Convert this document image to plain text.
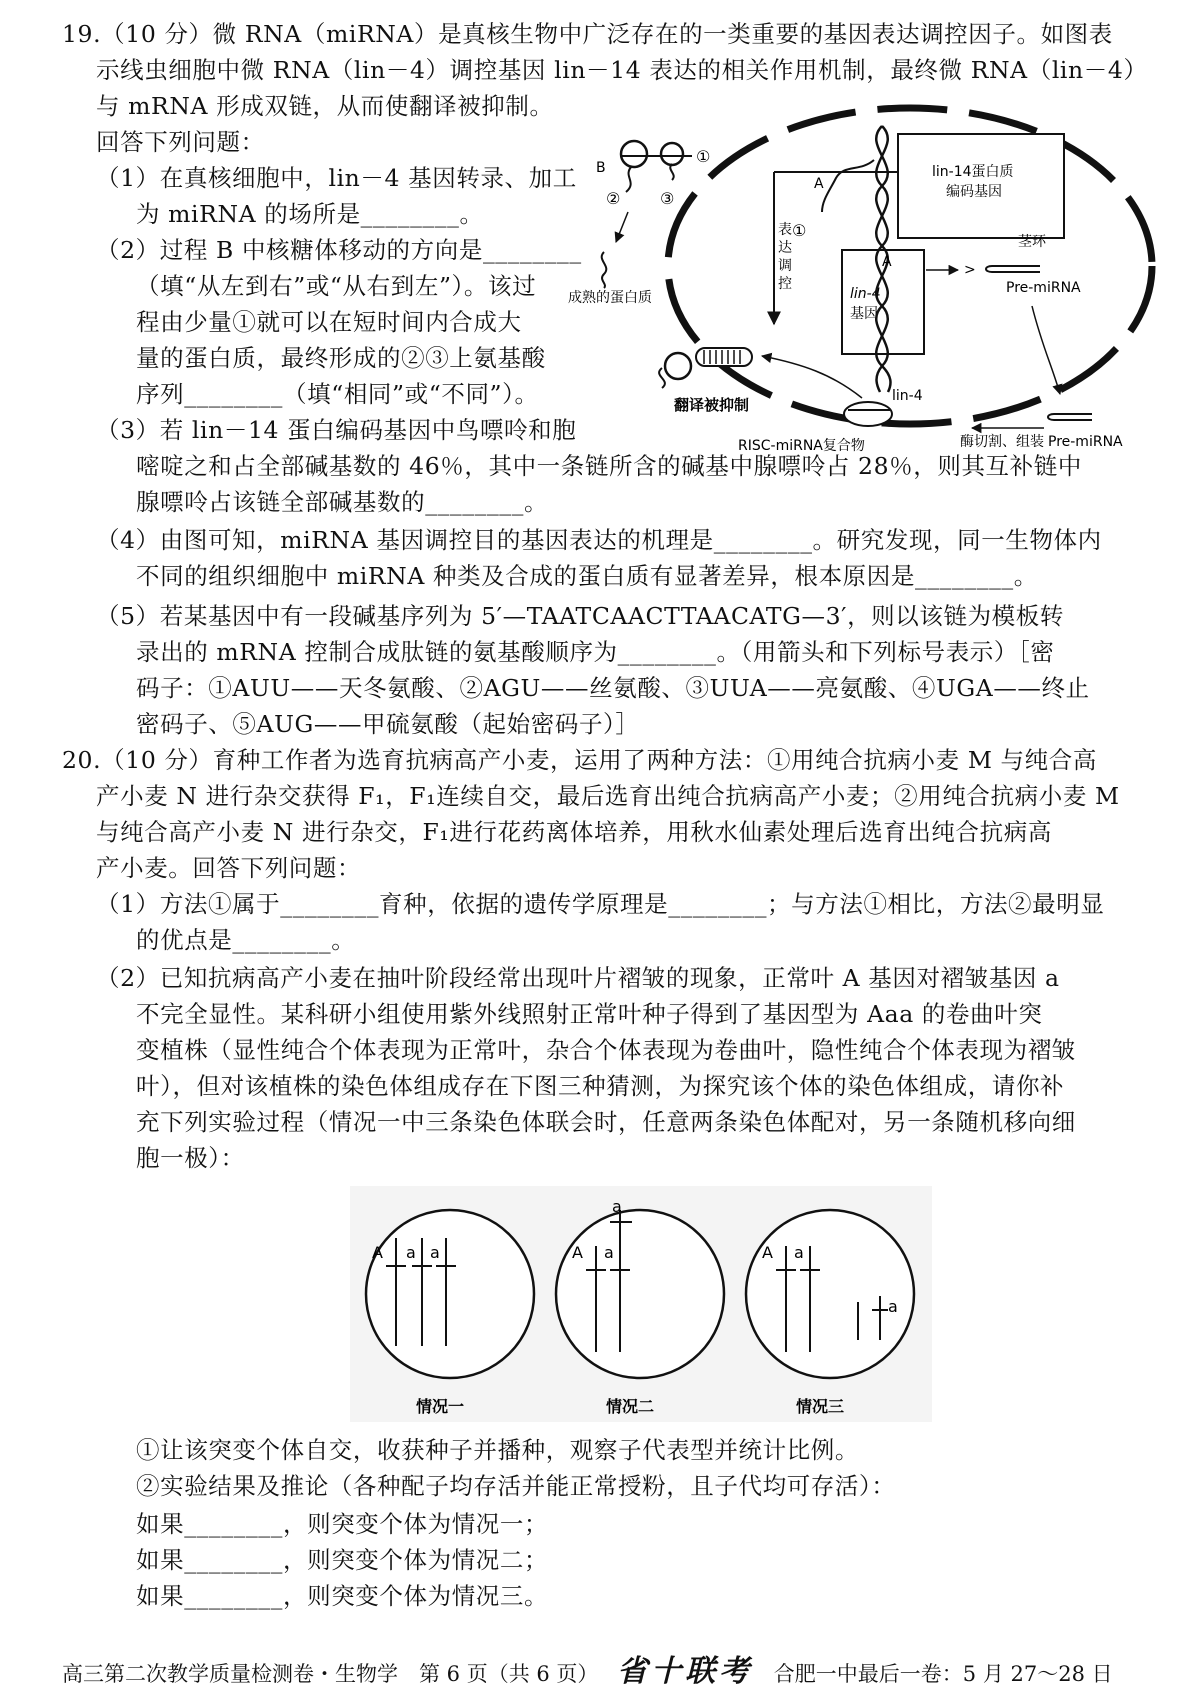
19.（10 分）微 RNA（miRNA）是真核生物中广泛存在的一类重要的基因表达调控因子。如图表
示线虫细胞中微 RNA（lin－4）调控基因 lin－14 表达的相关作用机制，最终微 RNA（lin－4）
与 mRNA 形成双链，从而使翻译被抑制。
回答下列问题：
（1）在真核细胞中，lin－4 基因转录、加工
为 miRNA 的场所是________。
（2）过程 B 中核糖体移动的方向是________
（填“从左到右”或“从右到左”）。该过
程由少量①就可以在短时间内合成大
量的蛋白质，最终形成的②③上氨基酸
序列________（填“相同”或“不同”）。
（3）若 lin－14 蛋白编码基因中鸟嘌呤和胞
嘧啶之和占全部碱基数的 46％，其中一条链所含的碱基中腺嘌呤占 28％，则其互补链中
腺嘌呤占该链全部碱基数的________。
（4）由图可知，miRNA 基因调控目的基因表达的机理是________。研究发现，同一生物体内
不同的组织细胞中 miRNA 种类及合成的蛋白质有显著差异，根本原因是________。
（5）若某基因中有一段碱基序列为 5′—TAATCAACTTAACATG—3′，则以该链为模板转
录出的 mRNA 控制合成肽链的氨基酸顺序为________。（用箭头和下列标号表示）［密
码子：①AUU——天冬氨酸、②AGU——丝氨酸、③UUA——亮氨酸、④UGA——终止
密码子、⑤AUG——甲硫氨酸（起始密码子）］
lin-14蛋白质
编码基因
lin-4
基因
表
达
调
控
A
①
B
①
② ③
成熟的蛋白质
A	>
茎环
Pre-miRNA
Pre-miRNA
酶切割、组装
lin-4
RISC-miRNA复合物
翻译被抑制
20.（10 分）育种工作者为选育抗病高产小麦，运用了两种方法：①用纯合抗病小麦 M 与纯合高
产小麦 N 进行杂交获得 F₁，F₁连续自交，最后选育出纯合抗病高产小麦；②用纯合抗病小麦 M
与纯合高产小麦 N 进行杂交，F₁进行花药离体培养，用秋水仙素处理后选育出纯合抗病高
产小麦。回答下列问题：
（1）方法①属于________育种，依据的遗传学原理是________；与方法①相比，方法②最明显
的优点是________。
（2）已知抗病高产小麦在抽叶阶段经常出现叶片褶皱的现象，正常叶 A 基因对褶皱基因 a
不完全显性。某科研小组使用紫外线照射正常叶种子得到了基因型为 Aaa 的卷曲叶突
变植株（显性纯合个体表现为正常叶，杂合个体表现为卷曲叶，隐性纯合个体表现为褶皱
叶），但对该植株的染色体组成存在下图三种猜测，为探究该个体的染色体组成，请你补
充下列实验过程（情况一中三条染色体联会时，任意两条染色体配对，另一条随机移向细
胞一极）：
A a a
情况一
A a
a
情况二
A a
a
情况三
①让该突变个体自交，收获种子并播种，观察子代表型并统计比例。
②实验结果及推论（各种配子均存活并能正常授粉，且子代均可存活）：
如果________，则突变个体为情况一；
如果________，则突变个体为情况二；
如果________，则突变个体为情况三。
高三第二次教学质量检测卷・生物学　第 6 页（共 6 页） 省十联考 合肥一中最后一卷：5 月 27～28 日
